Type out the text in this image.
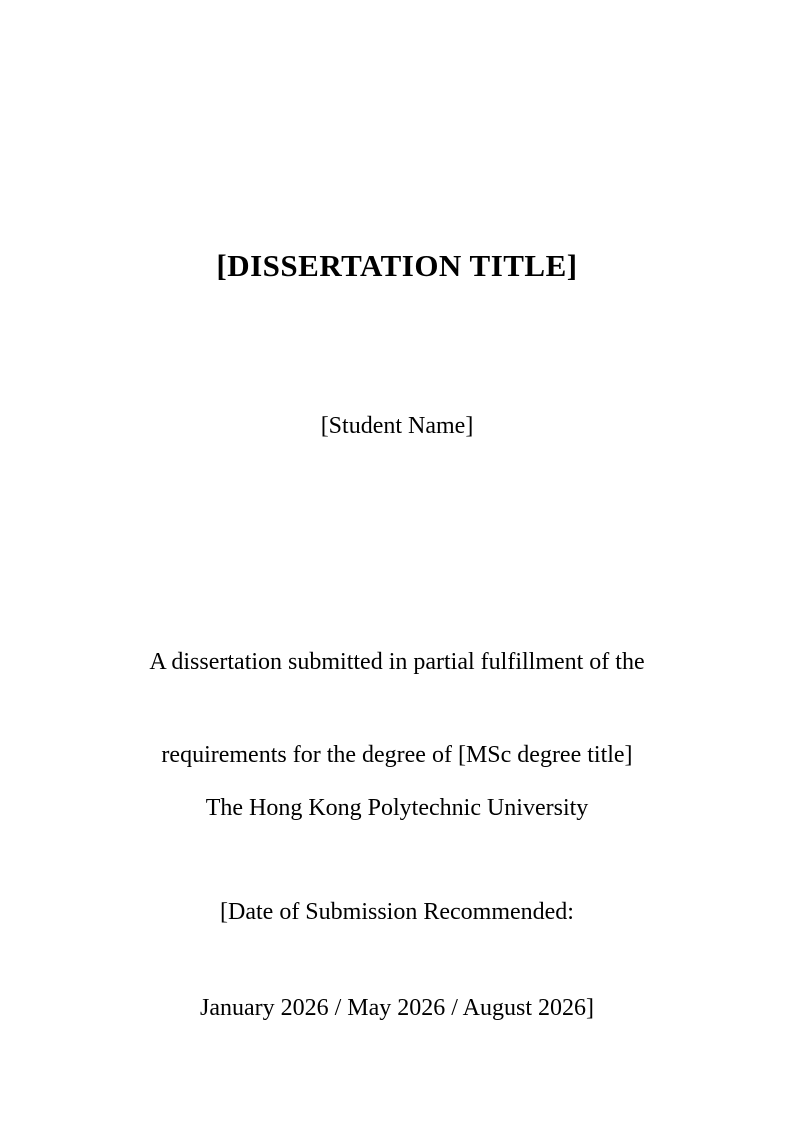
[DISSERTATION TITLE]
[Student Name]

A dissertation submitted in partial fulfillment of the

requirements for the degree of [MSc degree title]

The Hong Kong Polytechnic University

[Date of Submission Recommended:

January 2026 / May 2026 / August 2026]
